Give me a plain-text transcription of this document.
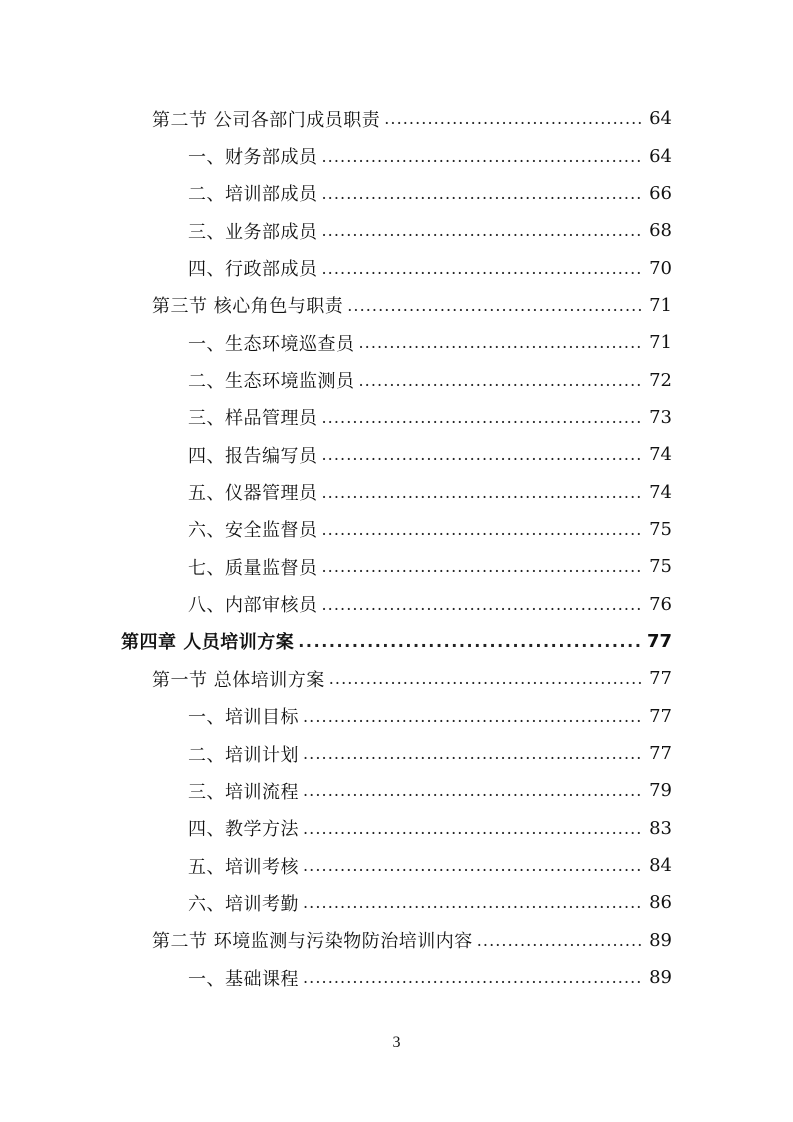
第二节 公司各部门成员职责 . . .	64
一、财务部成员 . . .	64
二、培训部成员 . . .	66
三、业务部成员 . . .	68
四、行政部成员 . . .	70
第三节 核心角色与职责 . . .	71
一、生态环境巡查员 . . .	71
二、生态环境监测员 . . .	72
三、样品管理员 . . .	73
四、报告编写员 . . .	74
五、仪器管理员 . . .	74
六、安全监督员 . . .	75
七、质量监督员 . . .	75
八、内部审核员 . . .	76
第四章 人员培训方案 . . .	77
第一节 总体培训方案 . . .	77
一、培训目标 . . .	77
二、培训计划 . . .	77
三、培训流程 . . .	79
四、教学方法 . . .	83
五、培训考核 . . .	84
六、培训考勤 . . .	86
第二节 环境监测与污染物防治培训内容 . . .	89
一、基础课程 . . .	89
3
